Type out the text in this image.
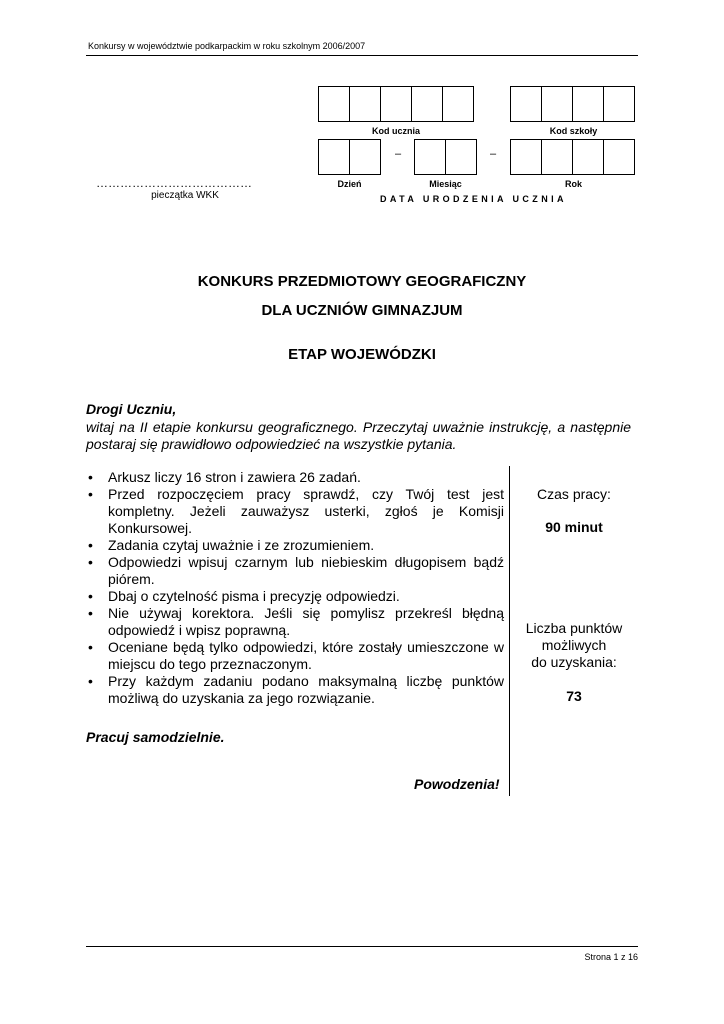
Konkursy w województwie podkarpackim w roku szkolnym 2006/2007
Kod ucznia	Kod szkoły
–	–
Dzień	Miesiąc	Rok
DATA URODZENIA UCZNIA
…………………………………
pieczątka WKK
KONKURS PRZEDMIOTOWY GEOGRAFICZNY
DLA UCZNIÓW GIMNAZJUM
ETAP WOJEWÓDZKI
Drogi Uczniu,
witaj na II etapie konkursu geograficznego. Przeczytaj uważnie instrukcję, a następnie postaraj się prawidłowo odpowiedzieć na wszystkie pytania.
• Arkusz liczy 16 stron i zawiera 26 zadań.
• Przed rozpoczęciem pracy sprawdź, czy Twój test jest kompletny. Jeżeli zauważysz usterki, zgłoś je Komisji Konkursowej.
• Zadania czytaj uważnie i ze zrozumieniem.
• Odpowiedzi wpisuj czarnym lub niebieskim długopisem bądź piórem.
• Dbaj o czytelność pisma i precyzję odpowiedzi.
• Nie używaj korektora. Jeśli się pomylisz przekreśl błędną odpowiedź i wpisz poprawną.
• Oceniane będą tylko odpowiedzi, które zostały umieszczone w miejscu do tego przeznaczonym.
• Przy każdym zadaniu podano maksymalną liczbę punktów możliwą do uzyskania za jego rozwiązanie.
Czas pracy:
90 minut
Liczba punktów
możliwych
do uzyskania:
73
Pracuj samodzielnie.
Powodzenia!
Strona 1 z 16
